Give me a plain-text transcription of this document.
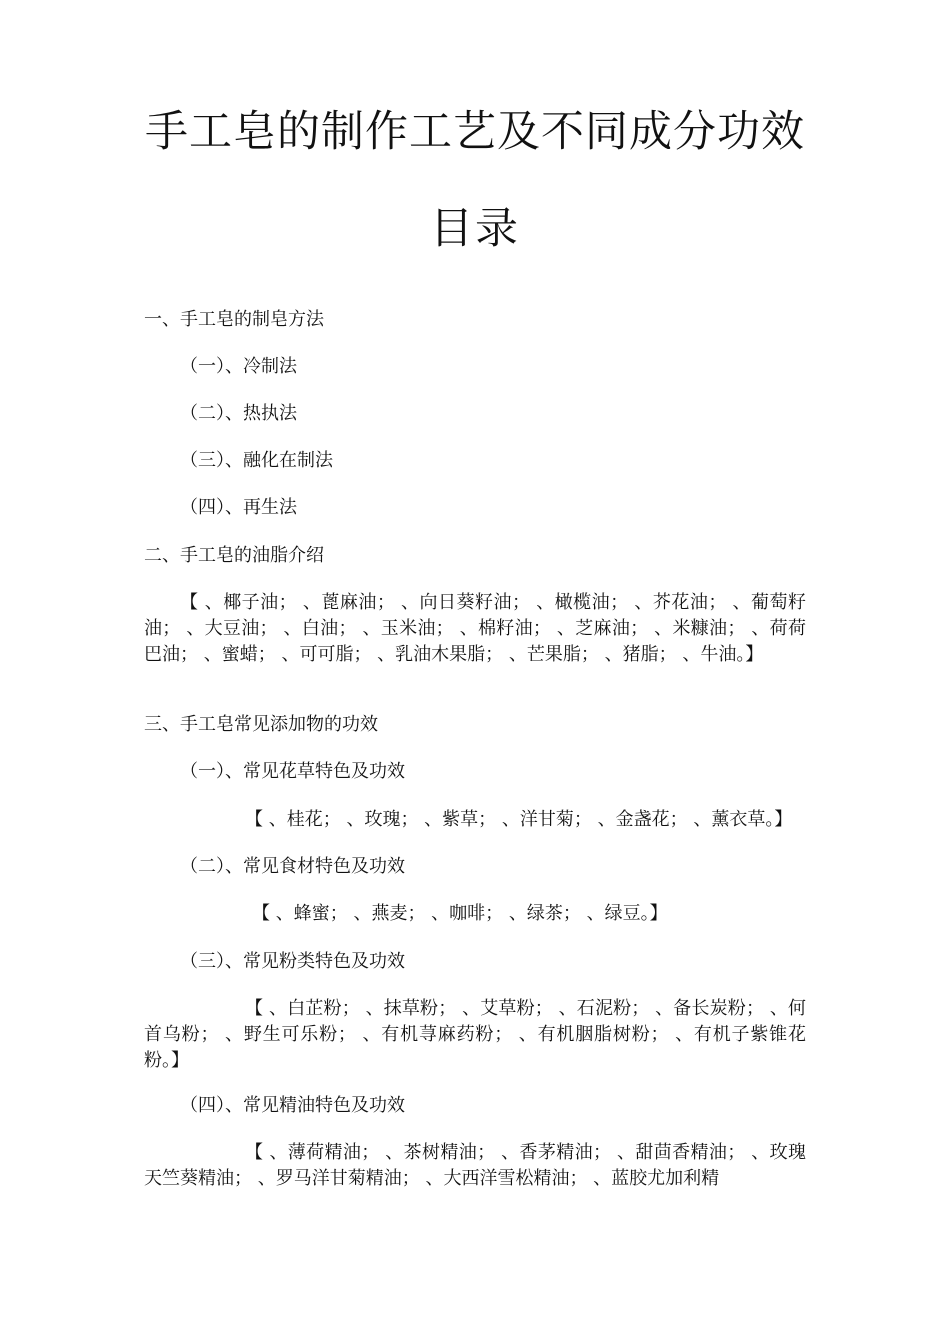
手工皂的制作工艺及不同成分功效
目录

一、手工皂的制皂方法

（一）、冷制法

（二）、热执法

（三）、融化在制法

（四）、再生法

二、手工皂的油脂介绍

【 、椰子油； 、蓖麻油； 、向日葵籽油； 、橄榄油； 、芥花油； 、葡萄籽油； 、大豆油； 、白油； 、玉米油； 、棉籽油； 、芝麻油； 、米糠油； 、荷荷巴油； 、蜜蜡； 、可可脂； 、乳油木果脂； 、芒果脂； 、猪脂； 、牛油。】

三、手工皂常见添加物的功效

（一）、常见花草特色及功效

【 、桂花； 、玫瑰； 、紫草； 、洋甘菊； 、金盏花； 、薰衣草。】

（二）、常见食材特色及功效

【 、蜂蜜； 、燕麦； 、咖啡； 、绿茶； 、绿豆。】

（三）、常见粉类特色及功效

【 、白芷粉； 、抹草粉； 、艾草粉； 、石泥粉； 、备长炭粉； 、何首乌粉； 、野生可乐粉； 、有机荨麻药粉； 、有机胭脂树粉； 、有机子紫锥花粉。】

（四）、常见精油特色及功效

【 、薄荷精油； 、茶树精油； 、香茅精油； 、甜茴香精油； 、玫瑰天竺葵精油； 、罗马洋甘菊精油； 、大西洋雪松精油； 、蓝胶尤加利精
